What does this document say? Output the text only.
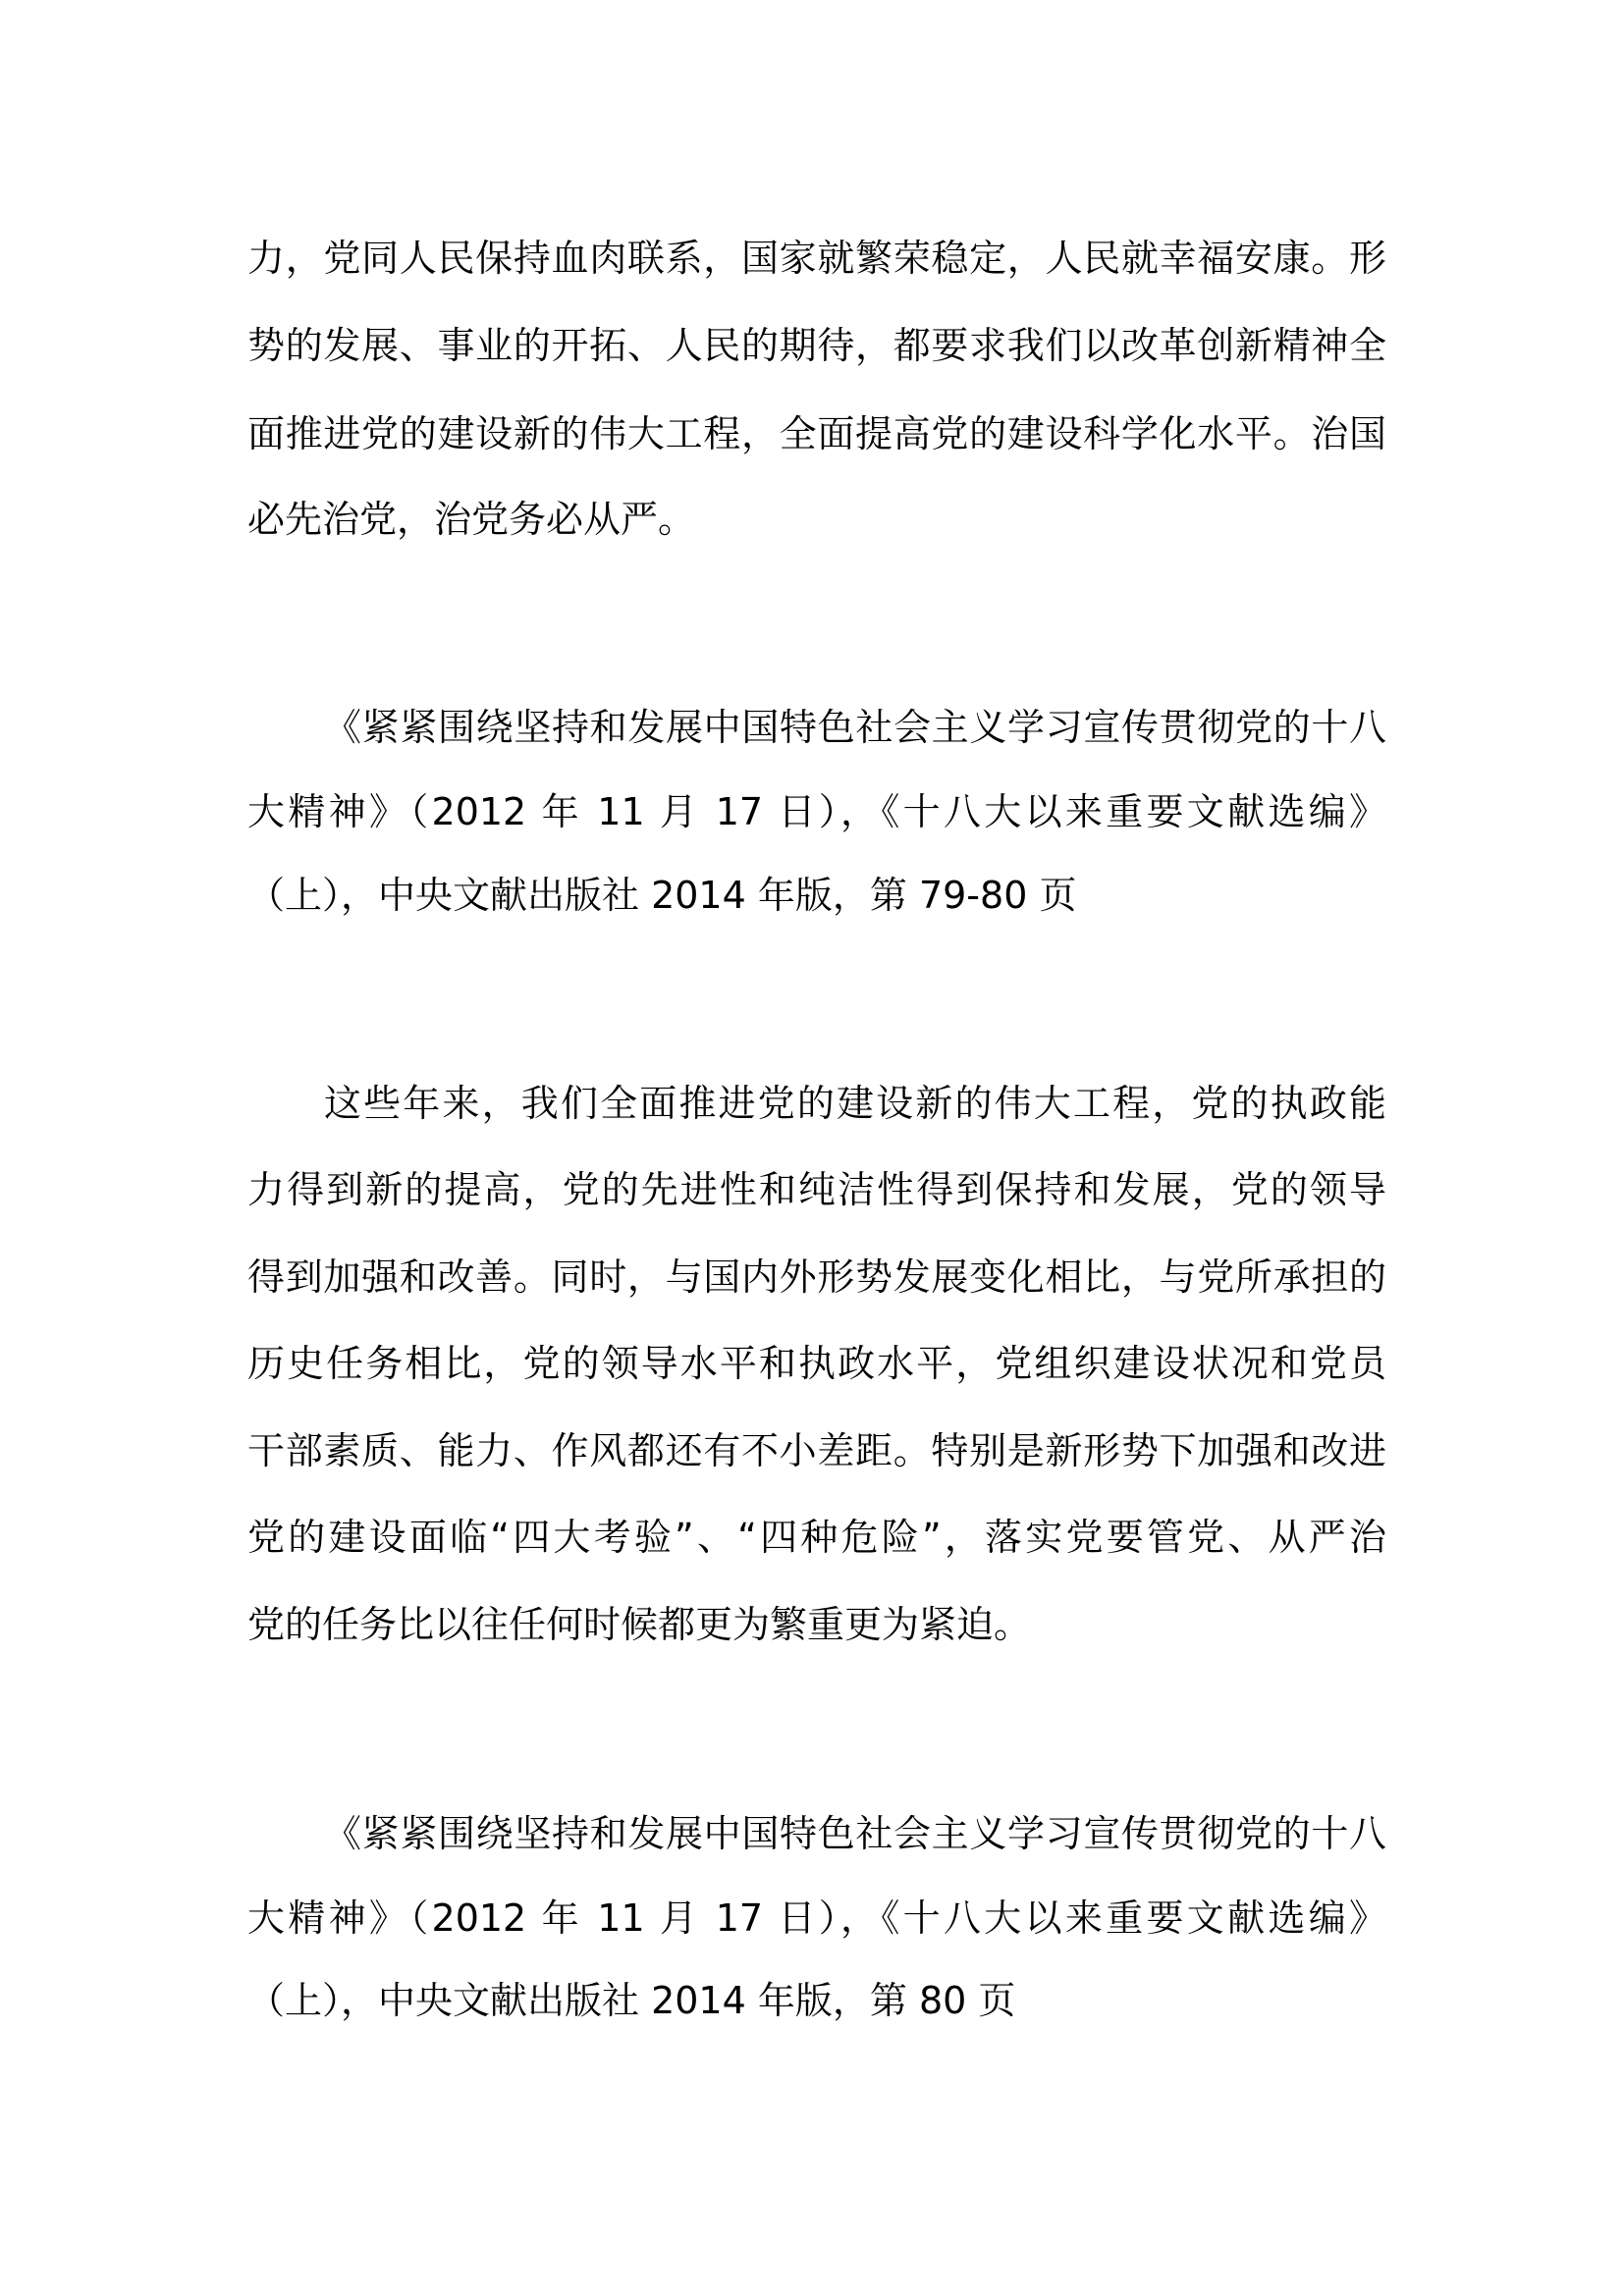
力，党同人民保持血肉联系，国家就繁荣稳定，人民就幸福安康。形
势的发展、事业的开拓、人民的期待，都要求我们以改革创新精神全
面推进党的建设新的伟大工程，全面提高党的建设科学化水平。治国
必先治党，治党务必从严。
《紧紧围绕坚持和发展中国特色社会主义学习宣传贯彻党的十八
大精神》（2012 年 11 月 17 日），《十八大以来重要文献选编》
（上），中央文献出版社 2014 年版，第 79-80 页
这些年来，我们全面推进党的建设新的伟大工程，党的执政能
力得到新的提高，党的先进性和纯洁性得到保持和发展，党的领导
得到加强和改善。同时，与国内外形势发展变化相比，与党所承担的
历史任务相比，党的领导水平和执政水平，党组织建设状况和党员
干部素质、能力、作风都还有不小差距。特别是新形势下加强和改进
党的建设面临“四大考验”、“四种危险”，落实党要管党、从严治
党的任务比以往任何时候都更为繁重更为紧迫。
《紧紧围绕坚持和发展中国特色社会主义学习宣传贯彻党的十八
大精神》（2012 年 11 月 17 日），《十八大以来重要文献选编》
（上），中央文献出版社 2014 年版，第 80 页
